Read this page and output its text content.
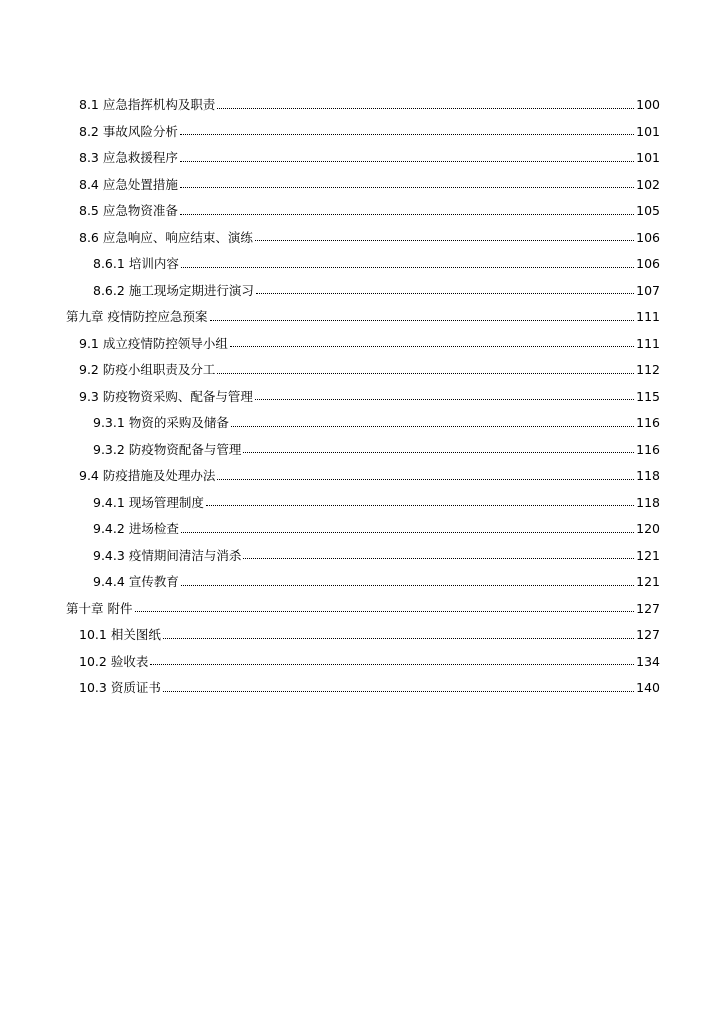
8.1 应急指挥机构及职责	100
8.2 事故风险分析	101
8.3 应急救援程序	101
8.4 应急处置措施	102
8.5 应急物资准备	105
8.6 应急响应、响应结束、演练	106
8.6.1 培训内容	106
8.6.2 施工现场定期进行演习	107
第九章 疫情防控应急预案	111
9.1 成立疫情防控领导小组	111
9.2 防疫小组职责及分工	112
9.3 防疫物资采购、配备与管理	115
9.3.1 物资的采购及储备	116
9.3.2 防疫物资配备与管理	116
9.4 防疫措施及处理办法	118
9.4.1 现场管理制度	118
9.4.2 进场检查	120
9.4.3 疫情期间清洁与消杀	121
9.4.4 宣传教育	121
第十章 附件	127
10.1 相关图纸	127
10.2 验收表	134
10.3 资质证书	140
